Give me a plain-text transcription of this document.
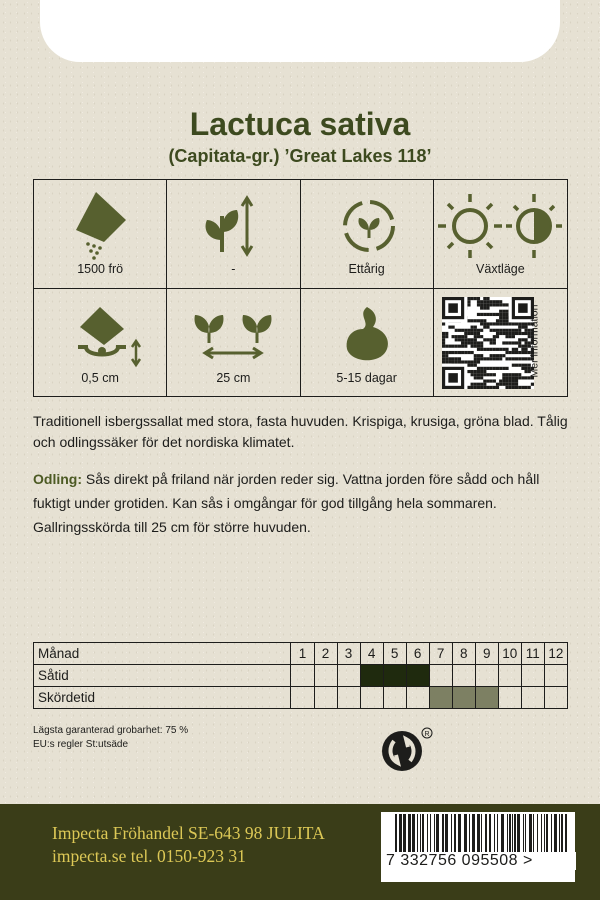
Lactuca sativa
(Capitata-gr.) ’Great Lakes 118’
1500 frö	-	Ettårig	Växtläge
0,5 cm	25 cm	5-15 dagar
Mer information
Traditionell isbergssallat med stora, fasta huvuden. Krispiga, krusiga, gröna blad. Tålig och odlingssäker för det nordiska klimatet.
Odling: Sås direkt på friland när jorden reder sig. Vattna jorden före sådd och håll fuktigt under grotiden. Kan sås i omgångar för god tillgång hela sommaren. Gallringsskörda till 25 cm för större huvuden.
Månad	1	2	3	4	5	6	7	8	9	10	11	12
Såtid												
Skördetid												
Lägsta garanterad grobarhet: 75 %
EU:s regler St:utsäde
R
Impecta Fröhandel SE-643 98 JULITA
impecta.se tel. 0150-923 31	7 332756 095508 >
